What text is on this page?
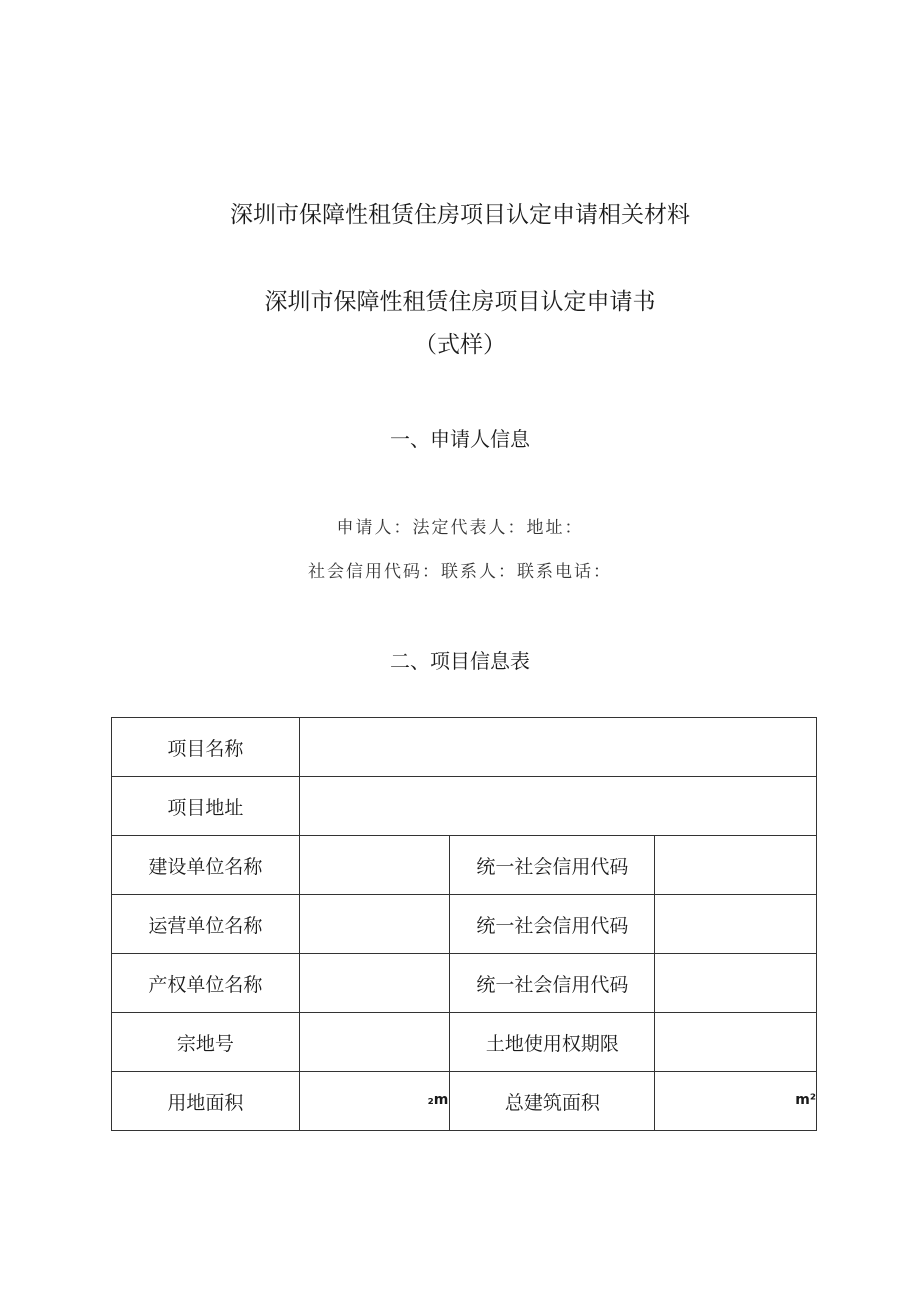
深圳市保障性租赁住房项目认定申请相关材料
深圳市保障性租赁住房项目认定申请书
（式样）
一、申请人信息
申请人：法定代表人：地址：
社会信用代码：联系人：联系电话：
二、项目信息表
项目名称			
项目地址			
建设单位名称		统一社会信用代码	
运营单位名称		统一社会信用代码	
产权单位名称		统一社会信用代码	
宗地号		土地使用权期限	
用地面积	₂m	总建筑面积	m²
